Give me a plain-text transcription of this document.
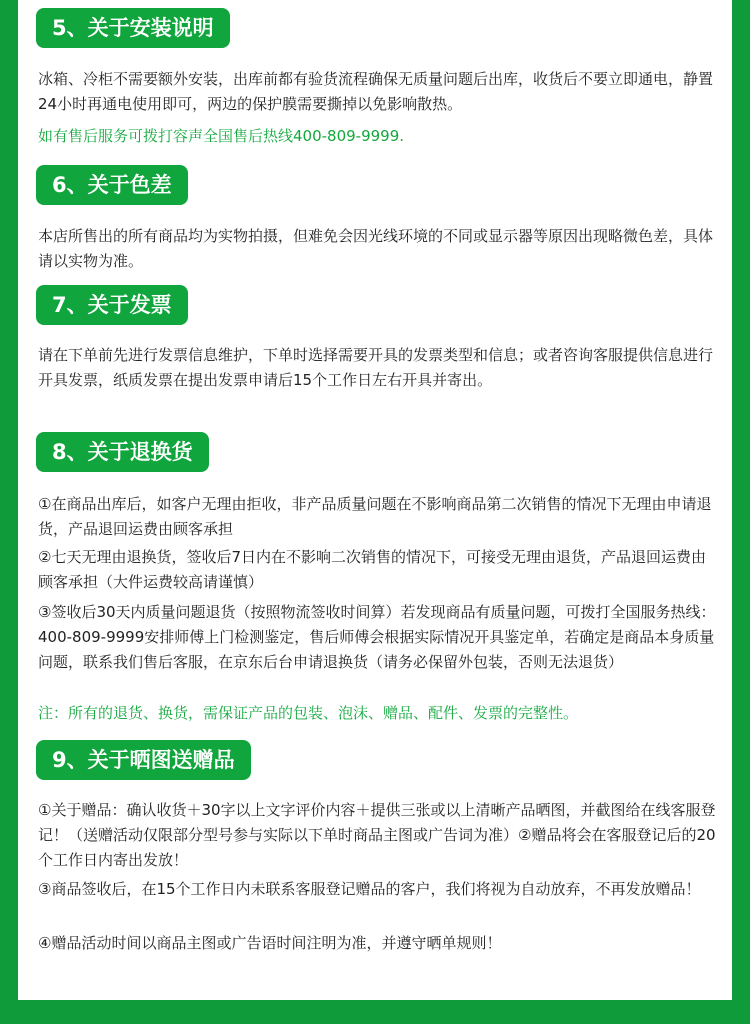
5、关于安装说明

冰箱、冷柜不需要额外安装，出库前都有验货流程确保无质量问题后出库，收货后不要立即通电，静置24小时再通电使用即可，两边的保护膜需要撕掉以免影响散热。

如有售后服务可拨打容声全国售后热线400-809-9999.

6、关于色差

本店所售出的所有商品均为实物拍摄，但难免会因光线环境的不同或显示器等原因出现略微色差，具体请以实物为准。

7、关于发票

请在下单前先进行发票信息维护，下单时选择需要开具的发票类型和信息；或者咨询客服提供信息进行开具发票，纸质发票在提出发票申请后15个工作日左右开具并寄出。

8、关于退换货

①在商品出库后，如客户无理由拒收，非产品质量问题在不影响商品第二次销售的情况下无理由申请退货，产品退回运费由顾客承担

②七天无理由退换货，签收后7日内在不影响二次销售的情况下，可接受无理由退货，产品退回运费由顾客承担（大件运费较高请谨慎）

③签收后30天内质量问题退货（按照物流签收时间算）若发现商品有质量问题，可拨打全国服务热线：400-809-9999安排师傅上门检测鉴定，售后师傅会根据实际情况开具鉴定单，若确定是商品本身质量问题，联系我们售后客服，在京东后台申请退换货（请务必保留外包装，否则无法退货）

注：所有的退货、换货，需保证产品的包装、泡沫、赠品、配件、发票的完整性。

9、关于晒图送赠品

①关于赠品：确认收货＋30字以上文字评价内容＋提供三张或以上清晰产品晒图，并截图给在线客服登记！（送赠活动仅限部分型号参与实际以下单时商品主图或广告词为准）②赠品将会在客服登记后的20个工作日内寄出发放！

③商品签收后，在15个工作日内未联系客服登记赠品的客户，我们将视为自动放弃，不再发放赠品！

④赠品活动时间以商品主图或广告语时间注明为准，并遵守晒单规则！
